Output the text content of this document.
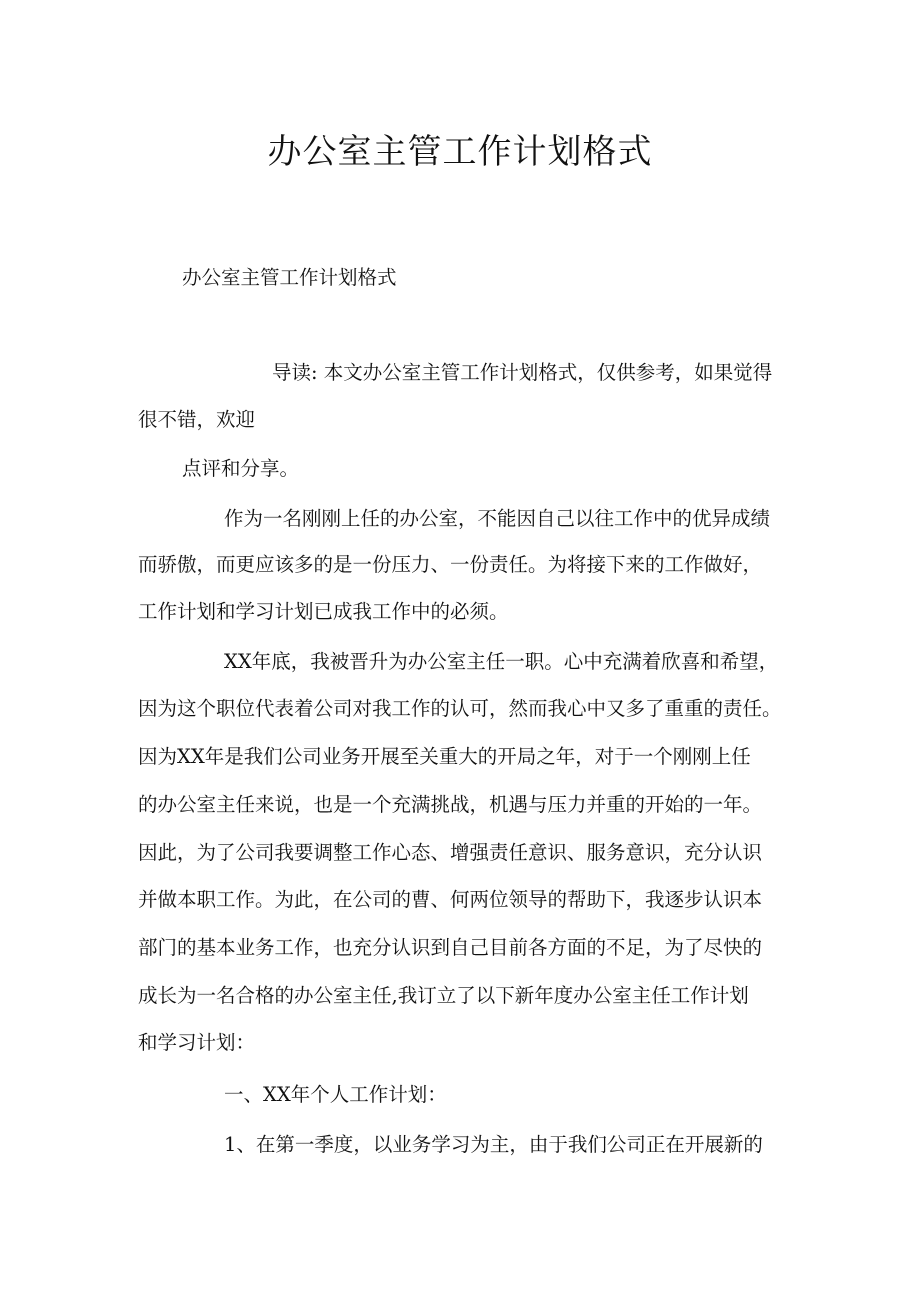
办公室主管工作计划格式

办公室主管工作计划格式

导读: 本文办公室主管工作计划格式，仅供参考，如果觉得

很不错，欢迎

点评和分享。

作为一名刚刚上任的办公室，不能因自己以往工作中的优异成绩

而骄傲，而更应该多的是一份压力、一份责任。为将接下来的工作做好，

工作计划和学习计划已成我工作中的必须。

XX年底，我被晋升为办公室主任一职。心中充满着欣喜和希望，

因为这个职位代表着公司对我工作的认可，然而我心中又多了重重的责任。

因为XX年是我们公司业务开展至关重大的开局之年，对于一个刚刚上任

的办公室主任来说，也是一个充满挑战，机遇与压力并重的开始的一年。

因此，为了公司我要调整工作心态、增强责任意识、服务意识，充分认识

并做本职工作。为此，在公司的曹、何两位领导的帮助下，我逐步认识本

部门的基本业务工作，也充分认识到自己目前各方面的不足，为了尽快的

成长为一名合格的办公室主任,我订立了以下新年度办公室主任工作计划

和学习计划：

一、XX年个人工作计划：

1、在第一季度，以业务学习为主，由于我们公司正在开展新的
